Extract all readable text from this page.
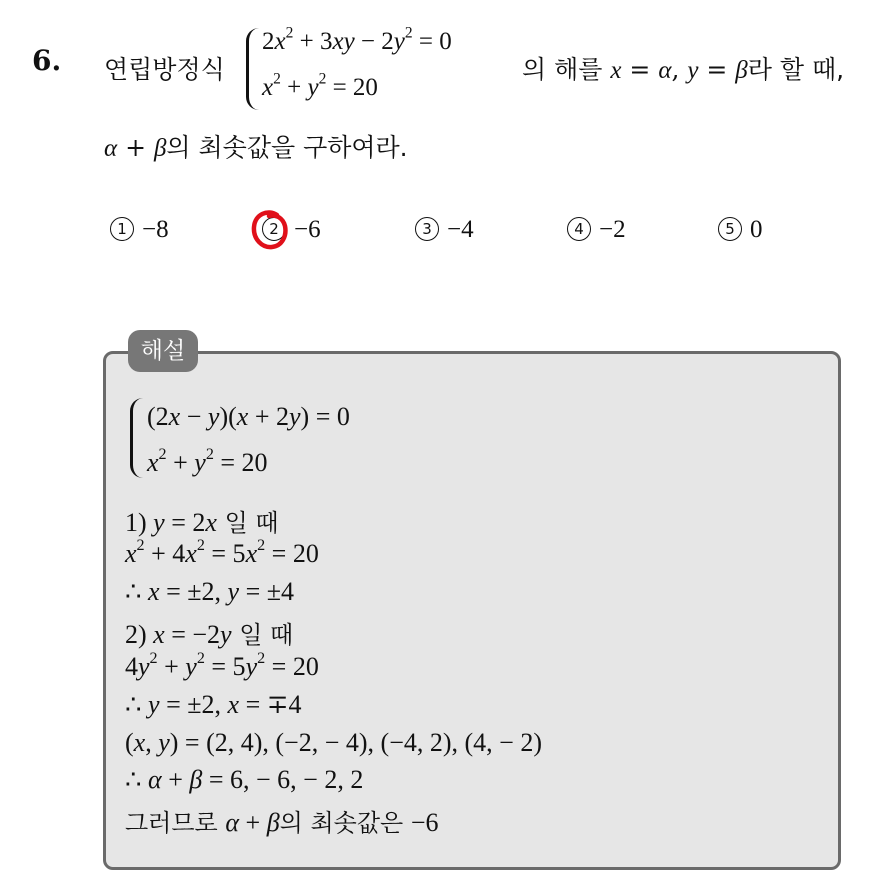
6. 연립방정식
$2x^2 + 3xy - 2y^2 = 0$
$x^2 + y^2 = 20$
의 해를 x = α, y = β라 할 때,
α + β의 최솟값을 구하여라.
1 −8	2 −6	3 −4	4 −2	5 0
해설
(2x − y)(x + 2y) = 0
$x^2 + y^2 = 20$
1) y = 2x 일 때
$x^2 + 4x^2 = 5x^2 = 20$
∴ x = ±2, y = ±4
2) x = −2y 일 때
$4y^2 + y^2 = 5y^2 = 20$
∴ y = ±2, x = ∓4
(x, y) = (2, 4), (−2, − 4), (−4, 2), (4, − 2)
∴ α + β = 6, − 6, − 2, 2
그러므로 α + β의 최솟값은 −6
